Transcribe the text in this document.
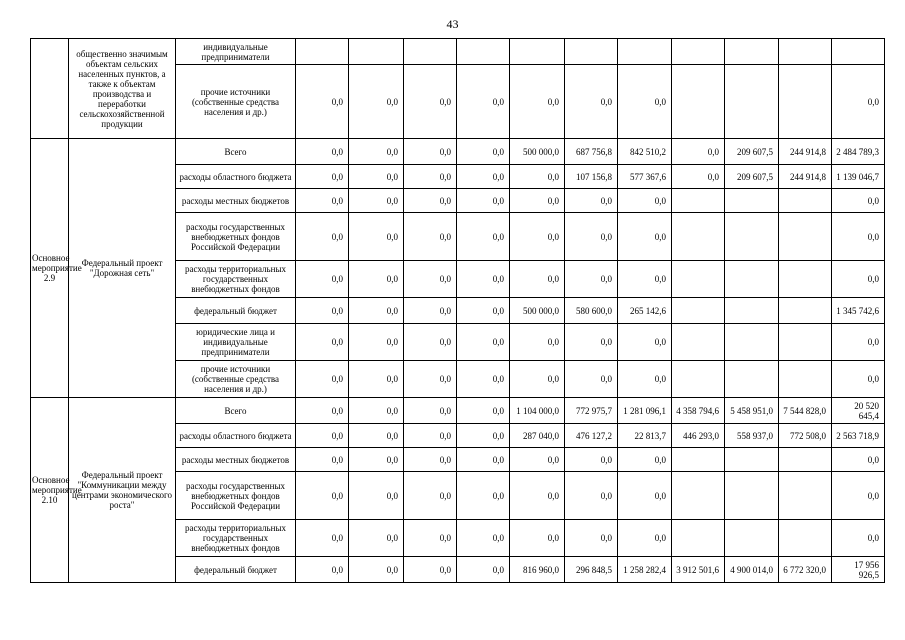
43
	общественно значимым объектам сельских населенных пунктов, а также к объектам производства и переработки сельскохозяйственной продукции	индивидуальные предприниматели											
		прочие источники (собственные средства населения и др.)	0,0	0,0	0,0	0,0	0,0	0,0	0,0				0,0
Основное мероприятие 2.9	Федеральный проект "Дорожная сеть"	Всего	0,0	0,0	0,0	0,0	500 000,0	687 756,8	842 510,2	0,0	209 607,5	244 914,8	2 484 789,3
		расходы областного бюджета	0,0	0,0	0,0	0,0	0,0	107 156,8	577 367,6	0,0	209 607,5	244 914,8	1 139 046,7
		расходы местных бюджетов	0,0	0,0	0,0	0,0	0,0	0,0	0,0				0,0
		расходы государственных внебюджетных фондов Российской Федерации	0,0	0,0	0,0	0,0	0,0	0,0	0,0				0,0
		расходы территориальных государственных внебюджетных фондов	0,0	0,0	0,0	0,0	0,0	0,0	0,0				0,0
		федеральный бюджет	0,0	0,0	0,0	0,0	500 000,0	580 600,0	265 142,6				1 345 742,6
		юридические лица и индивидуальные предприниматели	0,0	0,0	0,0	0,0	0,0	0,0	0,0				0,0
		прочие источники (собственные средства населения и др.)	0,0	0,0	0,0	0,0	0,0	0,0	0,0				0,0
Основное мероприятие 2.10	Федеральный проект "Коммуникации между центрами экономического роста"	Всего	0,0	0,0	0,0	0,0	1 104 000,0	772 975,7	1 281 096,1	4 358 794,6	5 458 951,0	7 544 828,0	20 520 645,4
		расходы областного бюджета	0,0	0,0	0,0	0,0	287 040,0	476 127,2	22 813,7	446 293,0	558 937,0	772 508,0	2 563 718,9
		расходы местных бюджетов	0,0	0,0	0,0	0,0	0,0	0,0	0,0				0,0
		расходы государственных внебюджетных фондов Российской Федерации	0,0	0,0	0,0	0,0	0,0	0,0	0,0				0,0
		расходы территориальных государственных внебюджетных фондов	0,0	0,0	0,0	0,0	0,0	0,0	0,0				0,0
		федеральный бюджет	0,0	0,0	0,0	0,0	816 960,0	296 848,5	1 258 282,4	3 912 501,6	4 900 014,0	6 772 320,0	17 956 926,5
